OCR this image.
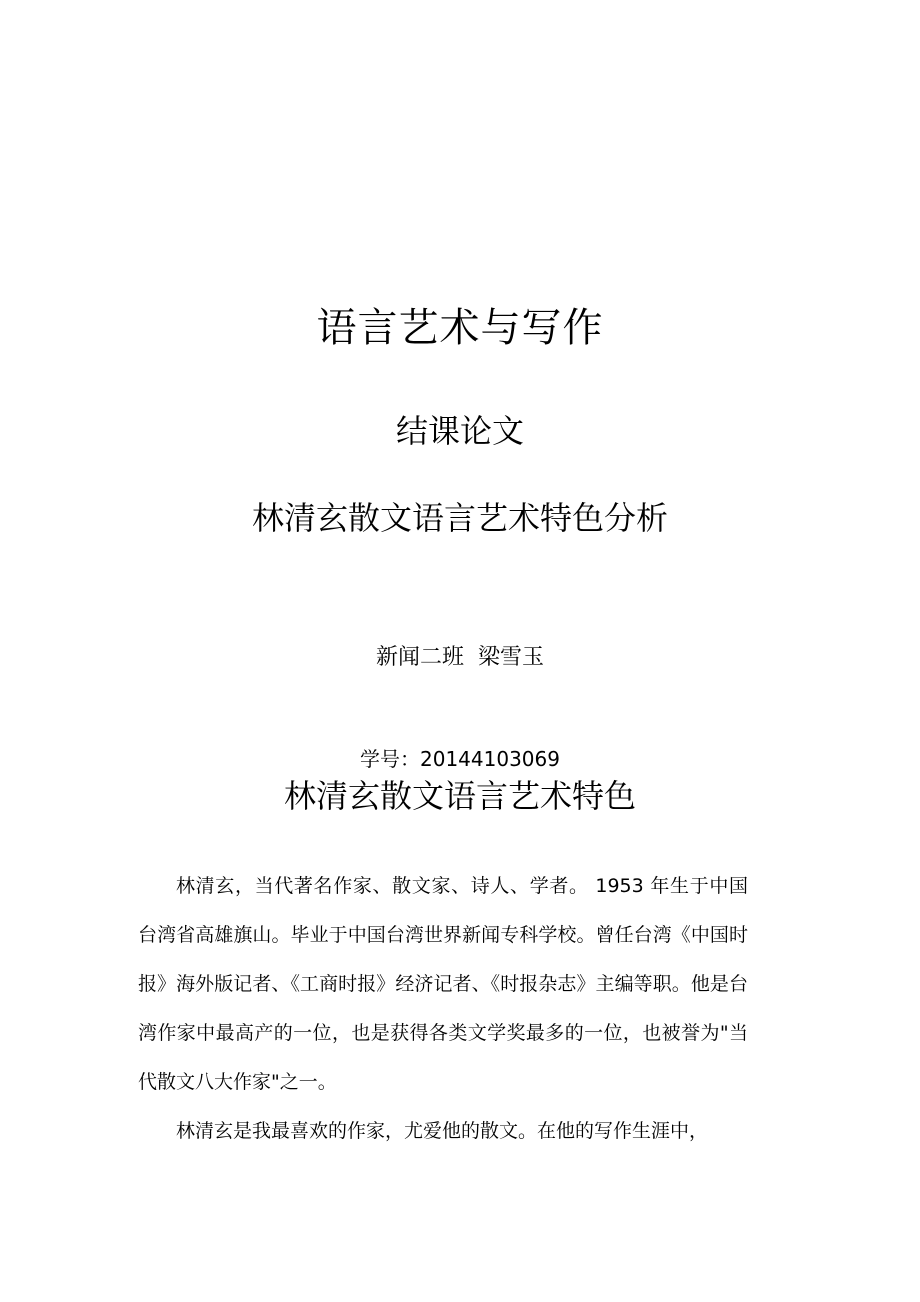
语言艺术与写作
结课论文
林清玄散文语言艺术特色分析
新闻二班 梁雪玉
学号：20144103069
林清玄散文语言艺术特色

林清玄，当代著名作家、散文家、诗人、学者。 1953 年生于中国台湾省高雄旗山。毕业于中国台湾世界新闻专科学校。曾任台湾《中国时报》海外版记者、《工商时报》经济记者、《时报杂志》主编等职。他是台湾作家中最高产的一位，也是获得各类文学奖最多的一位，也被誉为"当代散文八大作家"之一。

林清玄是我最喜欢的作家，尤爱他的散文。在他的写作生涯中，
